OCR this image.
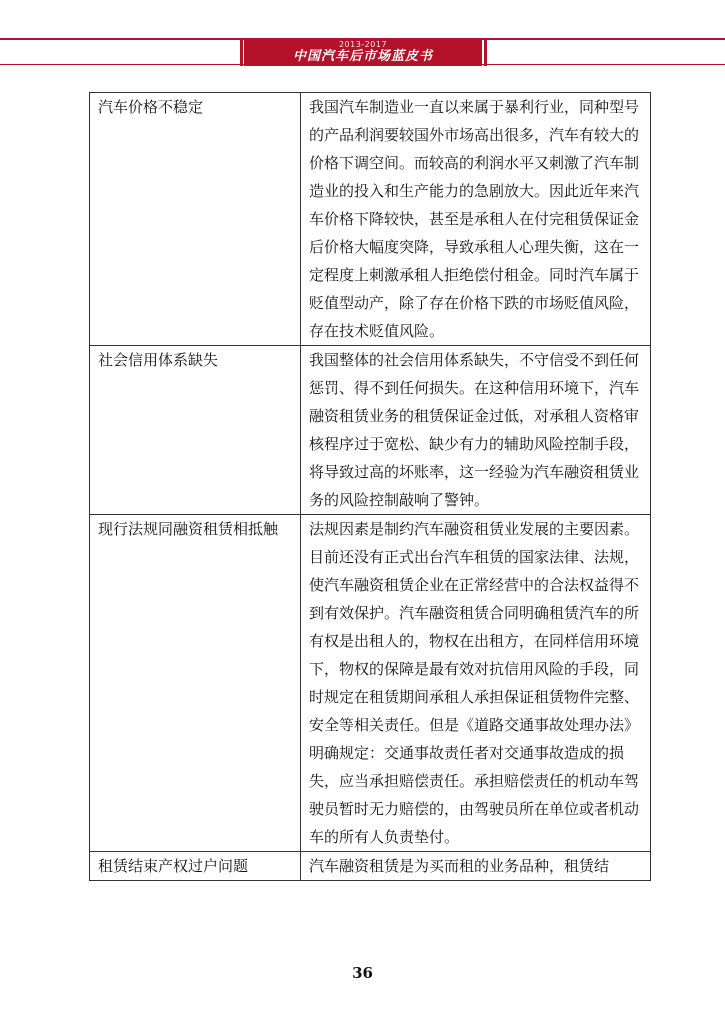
2013-2017
中国汽车后市场蓝皮书
汽车价格不稳定	我国汽车制造业一直以来属于暴利行业，同种型号的产品利润要较国外市场高出很多，汽车有较大的价格下调空间。而较高的利润水平又刺激了汽车制造业的投入和生产能力的急剧放大。因此近年来汽车价格下降较快，甚至是承租人在付完租赁保证金后价格大幅度突降，导致承租人心理失衡，这在一定程度上刺激承租人拒绝偿付租金。同时汽车属于贬值型动产，除了存在价格下跌的市场贬值风险，存在技术贬值风险。
社会信用体系缺失	我国整体的社会信用体系缺失，不守信受不到任何惩罚、得不到任何损失。在这种信用环境下，汽车融资租赁业务的租赁保证金过低，对承租人资格审核程序过于宽松、缺少有力的辅助风险控制手段，将导致过高的坏账率，这一经验为汽车融资租赁业务的风险控制敲响了警钟。
现行法规同融资租赁相抵触	法规因素是制约汽车融资租赁业发展的主要因素。目前还没有正式出台汽车租赁的国家法律、法规，使汽车融资租赁企业在正常经营中的合法权益得不到有效保护。汽车融资租赁合同明确租赁汽车的所有权是出租人的，物权在出租方，在同样信用环境下，物权的保障是最有效对抗信用风险的手段，同时规定在租赁期间承租人承担保证租赁物件完整、安全等相关责任。但是《道路交通事故处理办法》明确规定：交通事故责任者对交通事故造成的损失，应当承担赔偿责任。承担赔偿责任的机动车驾驶员暂时无力赔偿的，由驾驶员所在单位或者机动车的所有人负责垫付。
租赁结束产权过户问题	汽车融资租赁是为买而租的业务品种，租赁结
36
